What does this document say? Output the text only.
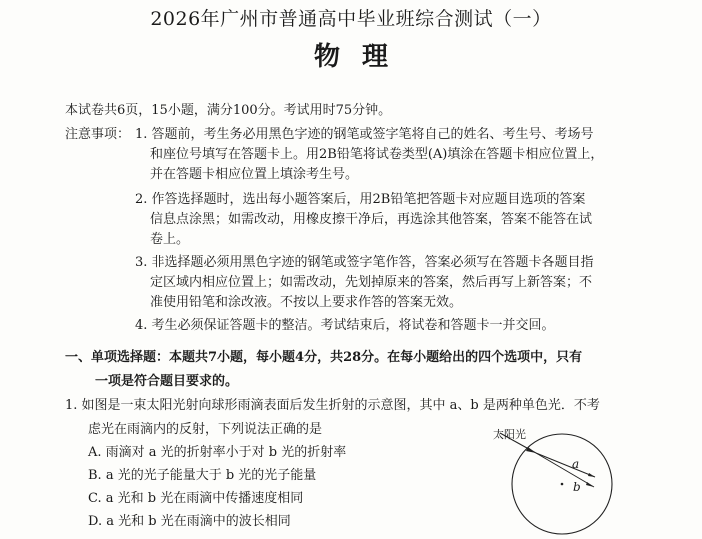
2026年广州市普通高中毕业班综合测试（一）
物理
本试卷共6页，15小题，满分100分。考试用时75分钟。
注意事项： 1. 答题前，考生务必用黑色字迹的钢笔或签字笔将自己的姓名、考生号、考场号
和座位号填写在答题卡上。用2B铅笔将试卷类型(A)填涂在答题卡相应位置上，
并在答题卡相应位置上填涂考生号。
2. 作答选择题时，选出每小题答案后，用2B铅笔把答题卡对应题目选项的答案
信息点涂黑；如需改动，用橡皮擦干净后，再选涂其他答案，答案不能答在试
卷上。
3. 非选择题必须用黑色字迹的钢笔或签字笔作答，答案必须写在答题卡各题目指
定区域内相应位置上；如需改动，先划掉原来的答案，然后再写上新答案；不
准使用铅笔和涂改液。不按以上要求作答的答案无效。
4. 考生必须保证答题卡的整洁。考试结束后，将试卷和答题卡一并交回。
一、单项选择题：本题共7小题，每小题4分，共28分。在每小题给出的四个选项中，只有
一项是符合题目要求的。
1. 如图是一束太阳光射向球形雨滴表面后发生折射的示意图，其中 a、b 是两种单色光．不考
虑光在雨滴内的反射，下列说法正确的是
A. 雨滴对 a 光的折射率小于对 b 光的折射率
B. a 光的光子能量大于 b 光的光子能量
C. a 光和 b 光在雨滴中传播速度相同
D. a 光和 b 光在雨滴中的波长相同
太阳光
a
b
